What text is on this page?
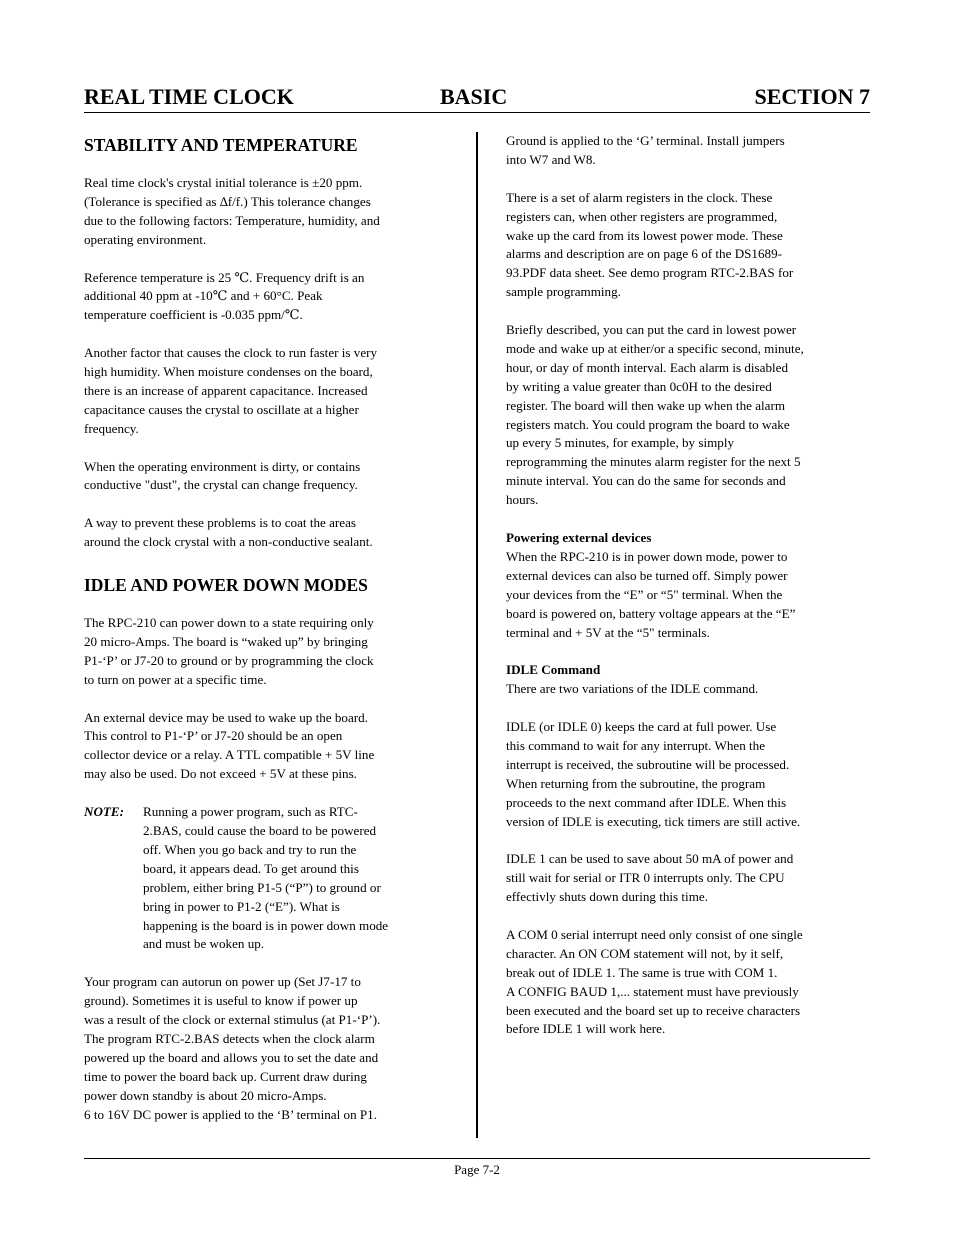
REAL TIME CLOCK	BASIC	SECTION 7
STABILITY AND TEMPERATURE

Real time clock's crystal initial tolerance is ±20 ppm.
(Tolerance is specified as ∆f/f.) This tolerance changes
due to the following factors: Temperature, humidity, and
operating environment.

Reference temperature is 25 ℃. Frequency drift is an
additional 40 ppm at -10℃ and + 60°C. Peak
temperature coefficient is -0.035 ppm/℃.

Another factor that causes the clock to run faster is very
high humidity. When moisture condenses on the board,
there is an increase of apparent capacitance. Increased
capacitance causes the crystal to oscillate at a higher
frequency.

When the operating environment is dirty, or contains
conductive "dust", the crystal can change frequency.

A way to prevent these problems is to coat the areas
around the clock crystal with a non-conductive sealant.

IDLE AND POWER DOWN MODES

The RPC-210 can power down to a state requiring only
20 micro-Amps. The board is “waked up” by bringing
P1-‘P’ or J7-20 to ground or by programming the clock
to turn on power at a specific time.

An external device may be used to wake up the board.
This control to P1-‘P’ or J7-20 should be an open
collector device or a relay. A TTL compatible + 5V line
may also be used. Do not exceed + 5V at these pins.

NOTE:	Running a power program, such as RTC-
2.BAS, could cause the board to be powered
off. When you go back and try to run the
board, it appears dead. To get around this
problem, either bring P1-5 (“P”) to ground or
bring in power to P1-2 (“E”). What is
happening is the board is in power down mode
and must be woken up.

Your program can autorun on power up (Set J7-17 to
ground). Sometimes it is useful to know if power up
was a result of the clock or external stimulus (at P1-‘P’).
The program RTC-2.BAS detects when the clock alarm
powered up the board and allows you to set the date and
time to power the board back up. Current draw during
power down standby is about 20 micro-Amps.
6 to 16V DC power is applied to the ‘B’ terminal on P1.

Ground is applied to the ‘G’ terminal. Install jumpers
into W7 and W8.

There is a set of alarm registers in the clock. These
registers can, when other registers are programmed,
wake up the card from its lowest power mode. These
alarms and description are on page 6 of the DS1689-
93.PDF data sheet. See demo program RTC-2.BAS for
sample programming.

Briefly described, you can put the card in lowest power
mode and wake up at either/or a specific second, minute,
hour, or day of month interval. Each alarm is disabled
by writing a value greater than 0c0H to the desired
register. The board will then wake up when the alarm
registers match. You could program the board to wake
up every 5 minutes, for example, by simply
reprogramming the minutes alarm register for the next 5
minute interval. You can do the same for seconds and
hours.

Powering external devices

When the RPC-210 is in power down mode, power to
external devices can also be turned off. Simply power
your devices from the “E” or “5" terminal. When the
board is powered on, battery voltage appears at the “E”
terminal and + 5V at the “5" terminals.

IDLE Command

There are two variations of the IDLE command.

IDLE (or IDLE 0) keeps the card at full power. Use
this command to wait for any interrupt. When the
interrupt is received, the subroutine will be processed.
When returning from the subroutine, the program
proceeds to the next command after IDLE. When this
version of IDLE is executing, tick timers are still active.

IDLE 1 can be used to save about 50 mA of power and
still wait for serial or ITR 0 interrupts only. The CPU
effectivly shuts down during this time.

A COM 0 serial interrupt need only consist of one single
character. An ON COM statement will not, by it self,
break out of IDLE 1. The same is true with COM 1.
A CONFIG BAUD 1,... statement must have previously
been executed and the board set up to receive characters
before IDLE 1 will work here.

Page 7-2
